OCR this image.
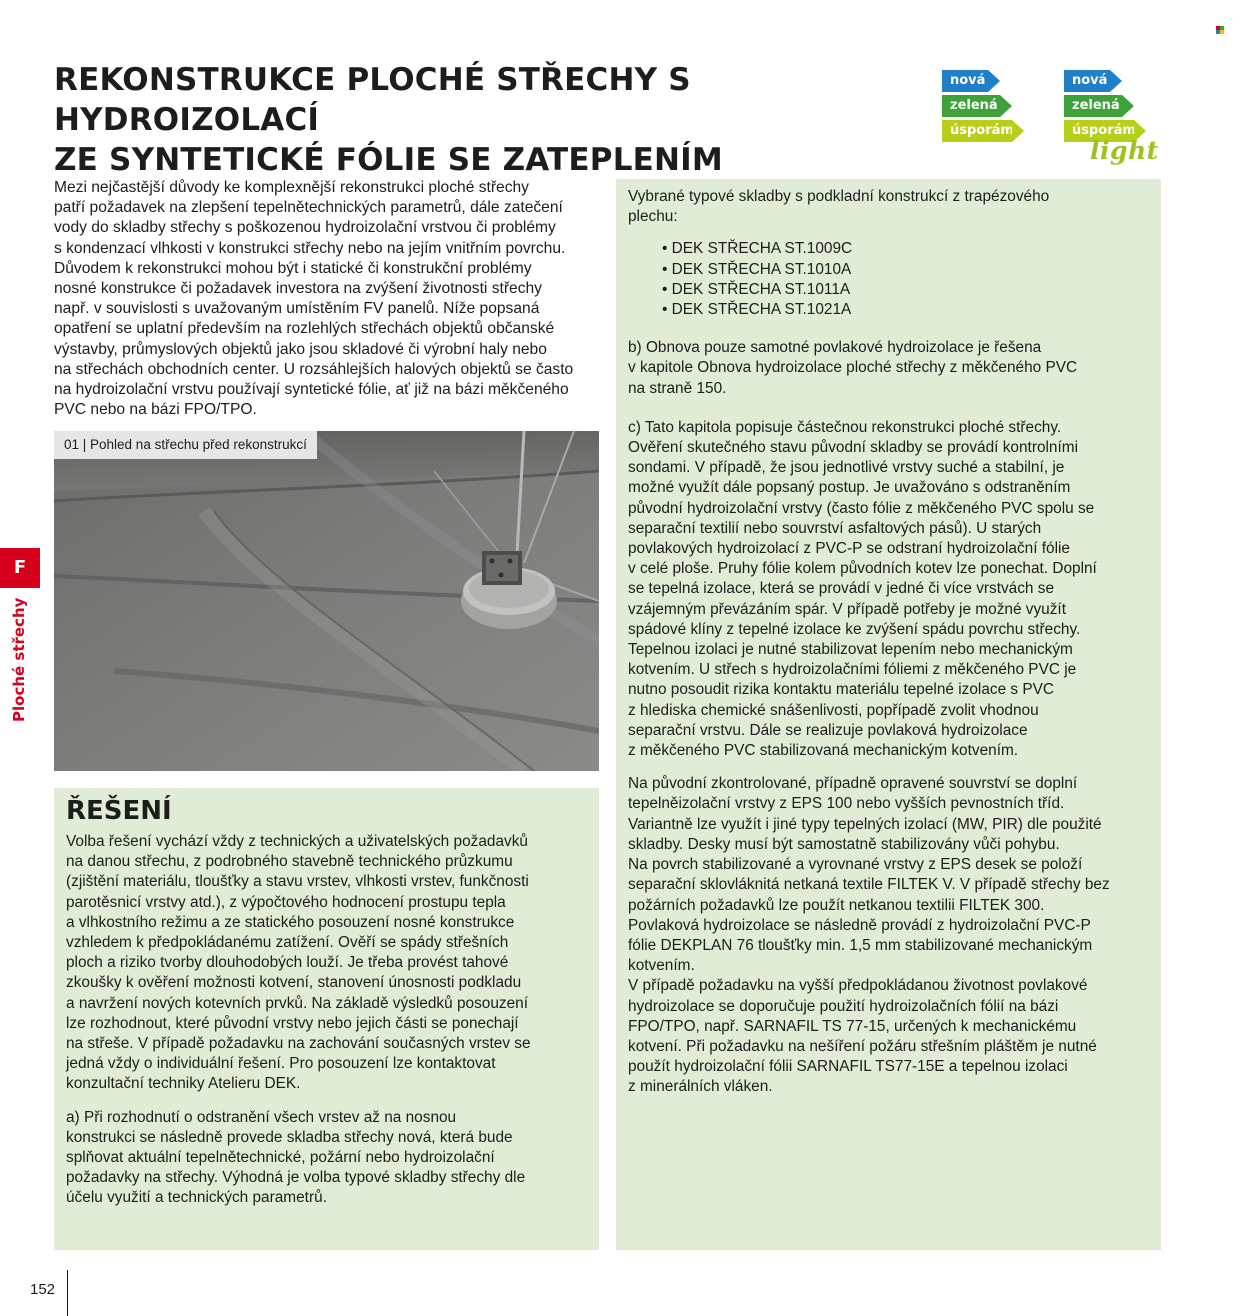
REKONSTRUKCE PLOCHÉ STŘECHY S HYDROIZOLACÍ
ZE SYNTETICKÉ FÓLIE SE ZATEPLENÍM
nová
zelená
úsporám
nová
zelená
úsporám
light
Mezi nejčastější důvody ke komplexnější rekonstrukci ploché střechy
patří požadavek na zlepšení tepelnětechnických parametrů, dále zatečení
vody do skladby střechy s poškozenou hydroizolační vrstvou či problémy
s kondenzací vlhkosti v konstrukci střechy nebo na jejím vnitřním povrchu.
Důvodem k rekonstrukci mohou být i statické či konstrukční problémy
nosné konstrukce či požadavek investora na zvýšení životnosti střechy
např. v souvislosti s uvažovaným umístěním FV panelů. Níže popsaná
opatření se uplatní především na rozlehlých střechách objektů občanské
výstavby, průmyslových objektů jako jsou skladové či výrobní haly nebo
na střechách obchodních center. U rozsáhlejších halových objektů se často
na hydroizolační vrstvu používají syntetické fólie, ať již na bázi měkčeného
PVC nebo na bázi FPO/TPO.
01 | Pohled na střechu před rekonstrukcí
ŘEŠENÍ
Volba řešení vychází vždy z technických a uživatelských požadavků
na danou střechu, z podrobného stavebně technického průzkumu
(zjištění materiálu, tloušťky a stavu vrstev, vlhkosti vrstev, funkčnosti
parotěsnicí vrstvy atd.), z výpočtového hodnocení prostupu tepla
a vlhkostního režimu a ze statického posouzení nosné konstrukce
vzhledem k předpokládanému zatížení. Ověří se spády střešních
ploch a riziko tvorby dlouhodobých louží. Je třeba provést tahové
zkoušky k ověření možnosti kotvení, stanovení únosnosti podkladu
a navržení nových kotevních prvků. Na základě výsledků posouzení
lze rozhodnout, které původní vrstvy nebo jejich části se ponechají
na střeše. V případě požadavku na zachování současných vrstev se
jedná vždy o individuální řešení. Pro posouzení lze kontaktovat
konzultační techniky Atelieru DEK.
a) Při rozhodnutí o odstranění všech vrstev až na nosnou
konstrukci se následně provede skladba střechy nová, která bude
splňovat aktuální tepelnětechnické, požární nebo hydroizolační
požadavky na střechy. Výhodná je volba typové skladby střechy dle
účelu využití a technických parametrů.
Vybrané typové skladby s podkladní konstrukcí z trapézového
plechu:
• DEK STŘECHA ST.1009C
• DEK STŘECHA ST.1010A
• DEK STŘECHA ST.1011A
• DEK STŘECHA ST.1021A
b) Obnova pouze samotné povlakové hydroizolace je řešena
v kapitole Obnova hydroizolace ploché střechy z měkčeného PVC
na straně 150.
c) Tato kapitola popisuje částečnou rekonstrukci ploché střechy.
Ověření skutečného stavu původní skladby se provádí kontrolními
sondami. V případě, že jsou jednotlivé vrstvy suché a stabilní, je
možné využít dále popsaný postup. Je uvažováno s odstraněním
původní hydroizolační vrstvy (často fólie z měkčeného PVC spolu se
separační textilií nebo souvrství asfaltových pásů). U starých
povlakových hydroizolací z PVC-P se odstraní hydroizolační fólie
v celé ploše. Pruhy fólie kolem původních kotev lze ponechat. Doplní
se tepelná izolace, která se provádí v jedné či více vrstvách se
vzájemným převázáním spár. V případě potřeby je možné využít
spádové klíny z tepelné izolace ke zvýšení spádu povrchu střechy.
Tepelnou izolaci je nutné stabilizovat lepením nebo mechanickým
kotvením. U střech s hydroizolačními fóliemi z měkčeného PVC je
nutno posoudit rizika kontaktu materiálu tepelné izolace s PVC
z hlediska chemické snášenlivosti, popřípadě zvolit vhodnou
separační vrstvu. Dále se realizuje povlaková hydroizolace
z měkčeného PVC stabilizovaná mechanickým kotvením.
Na původní zkontrolované, případně opravené souvrství se doplní
tepelněizolační vrstvy z EPS 100 nebo vyšších pevnostních tříd.
Variantně lze využít i jiné typy tepelných izolací (MW, PIR) dle použité
skladby. Desky musí být samostatně stabilizovány vůči pohybu.
Na povrch stabilizované a vyrovnané vrstvy z EPS desek se položí
separační sklovláknitá netkaná textile FILTEK V. V případě střechy bez
požárních požadavků lze použít netkanou textilii FILTEK 300.
Povlaková hydroizolace se následně provádí z hydroizolační PVC-P
fólie DEKPLAN 76 tloušťky min. 1,5 mm stabilizované mechanickým
kotvením.
V případě požadavku na vyšší předpokládanou životnost povlakové
hydroizolace se doporučuje použití hydroizolačních fólií na bázi
FPO/TPO, např. SARNAFIL TS 77-15, určených k mechanickému
kotvení. Při požadavku na nešíření požáru střešním pláštěm je nutné
použít hydroizolační fólii SARNAFIL TS77-15E a tepelnou izolaci
z minerálních vláken.
F
Ploché střechy
152
